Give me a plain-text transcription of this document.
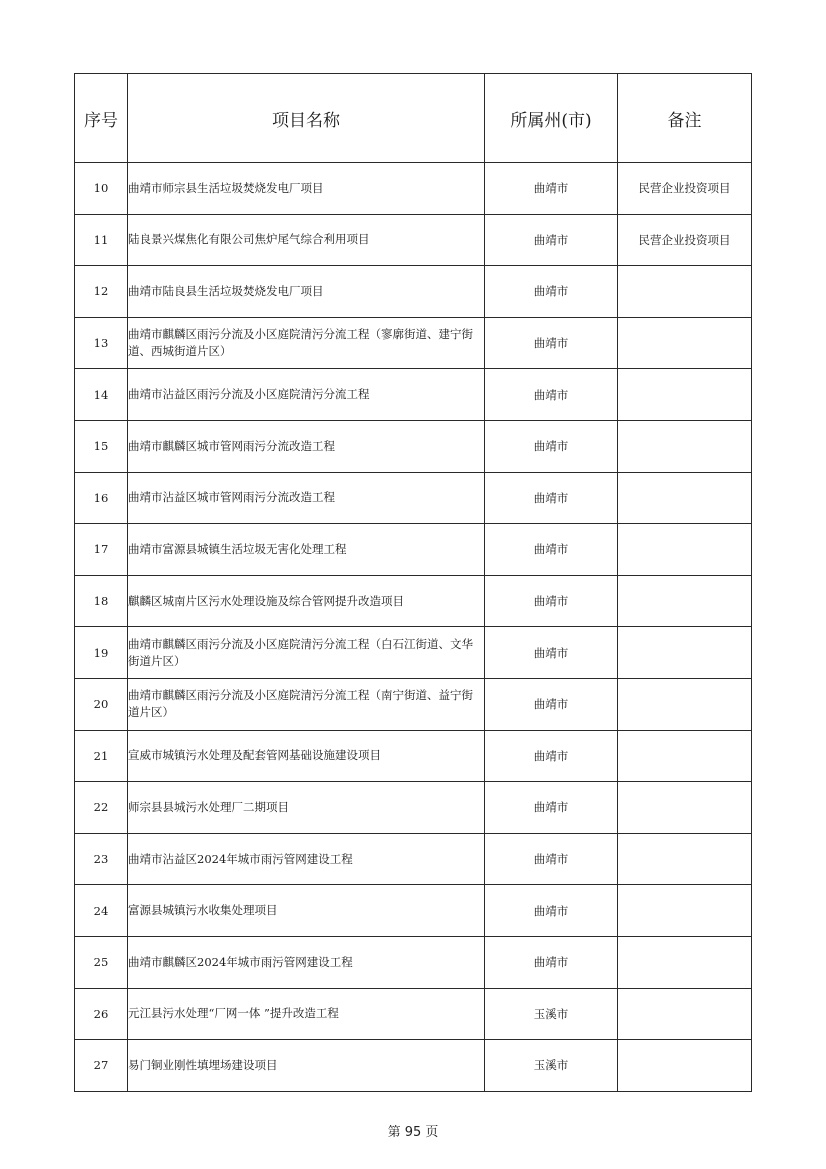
序号	项目名称	所属州(市)	备注
10	曲靖市师宗县生活垃圾焚烧发电厂项目	曲靖市	民营企业投资项目
11	陆良景兴煤焦化有限公司焦炉尾气综合利用项目	曲靖市	民营企业投资项目
12	曲靖市陆良县生活垃圾焚烧发电厂项目	曲靖市	
13	曲靖市麒麟区雨污分流及小区庭院清污分流工程（寥廓街道、建宁街道、西城街道片区）	曲靖市	
14	曲靖市沾益区雨污分流及小区庭院清污分流工程	曲靖市	
15	曲靖市麒麟区城市管网雨污分流改造工程	曲靖市	
16	曲靖市沾益区城市管网雨污分流改造工程	曲靖市	
17	曲靖市富源县城镇生活垃圾无害化处理工程	曲靖市	
18	麒麟区城南片区污水处理设施及综合管网提升改造项目	曲靖市	
19	曲靖市麒麟区雨污分流及小区庭院清污分流工程（白石江街道、文华街道片区）	曲靖市	
20	曲靖市麒麟区雨污分流及小区庭院清污分流工程（南宁街道、益宁街道片区）	曲靖市	
21	宣威市城镇污水处理及配套管网基础设施建设项目	曲靖市	
22	师宗县县城污水处理厂二期项目	曲靖市	
23	曲靖市沾益区2024年城市雨污管网建设工程	曲靖市	
24	富源县城镇污水收集处理项目	曲靖市	
25	曲靖市麒麟区2024年城市雨污管网建设工程	曲靖市	
26	元江县污水处理“厂网一体 ”提升改造工程	玉溪市	
27	易门铜业刚性填埋场建设项目	玉溪市	
第 95 页
